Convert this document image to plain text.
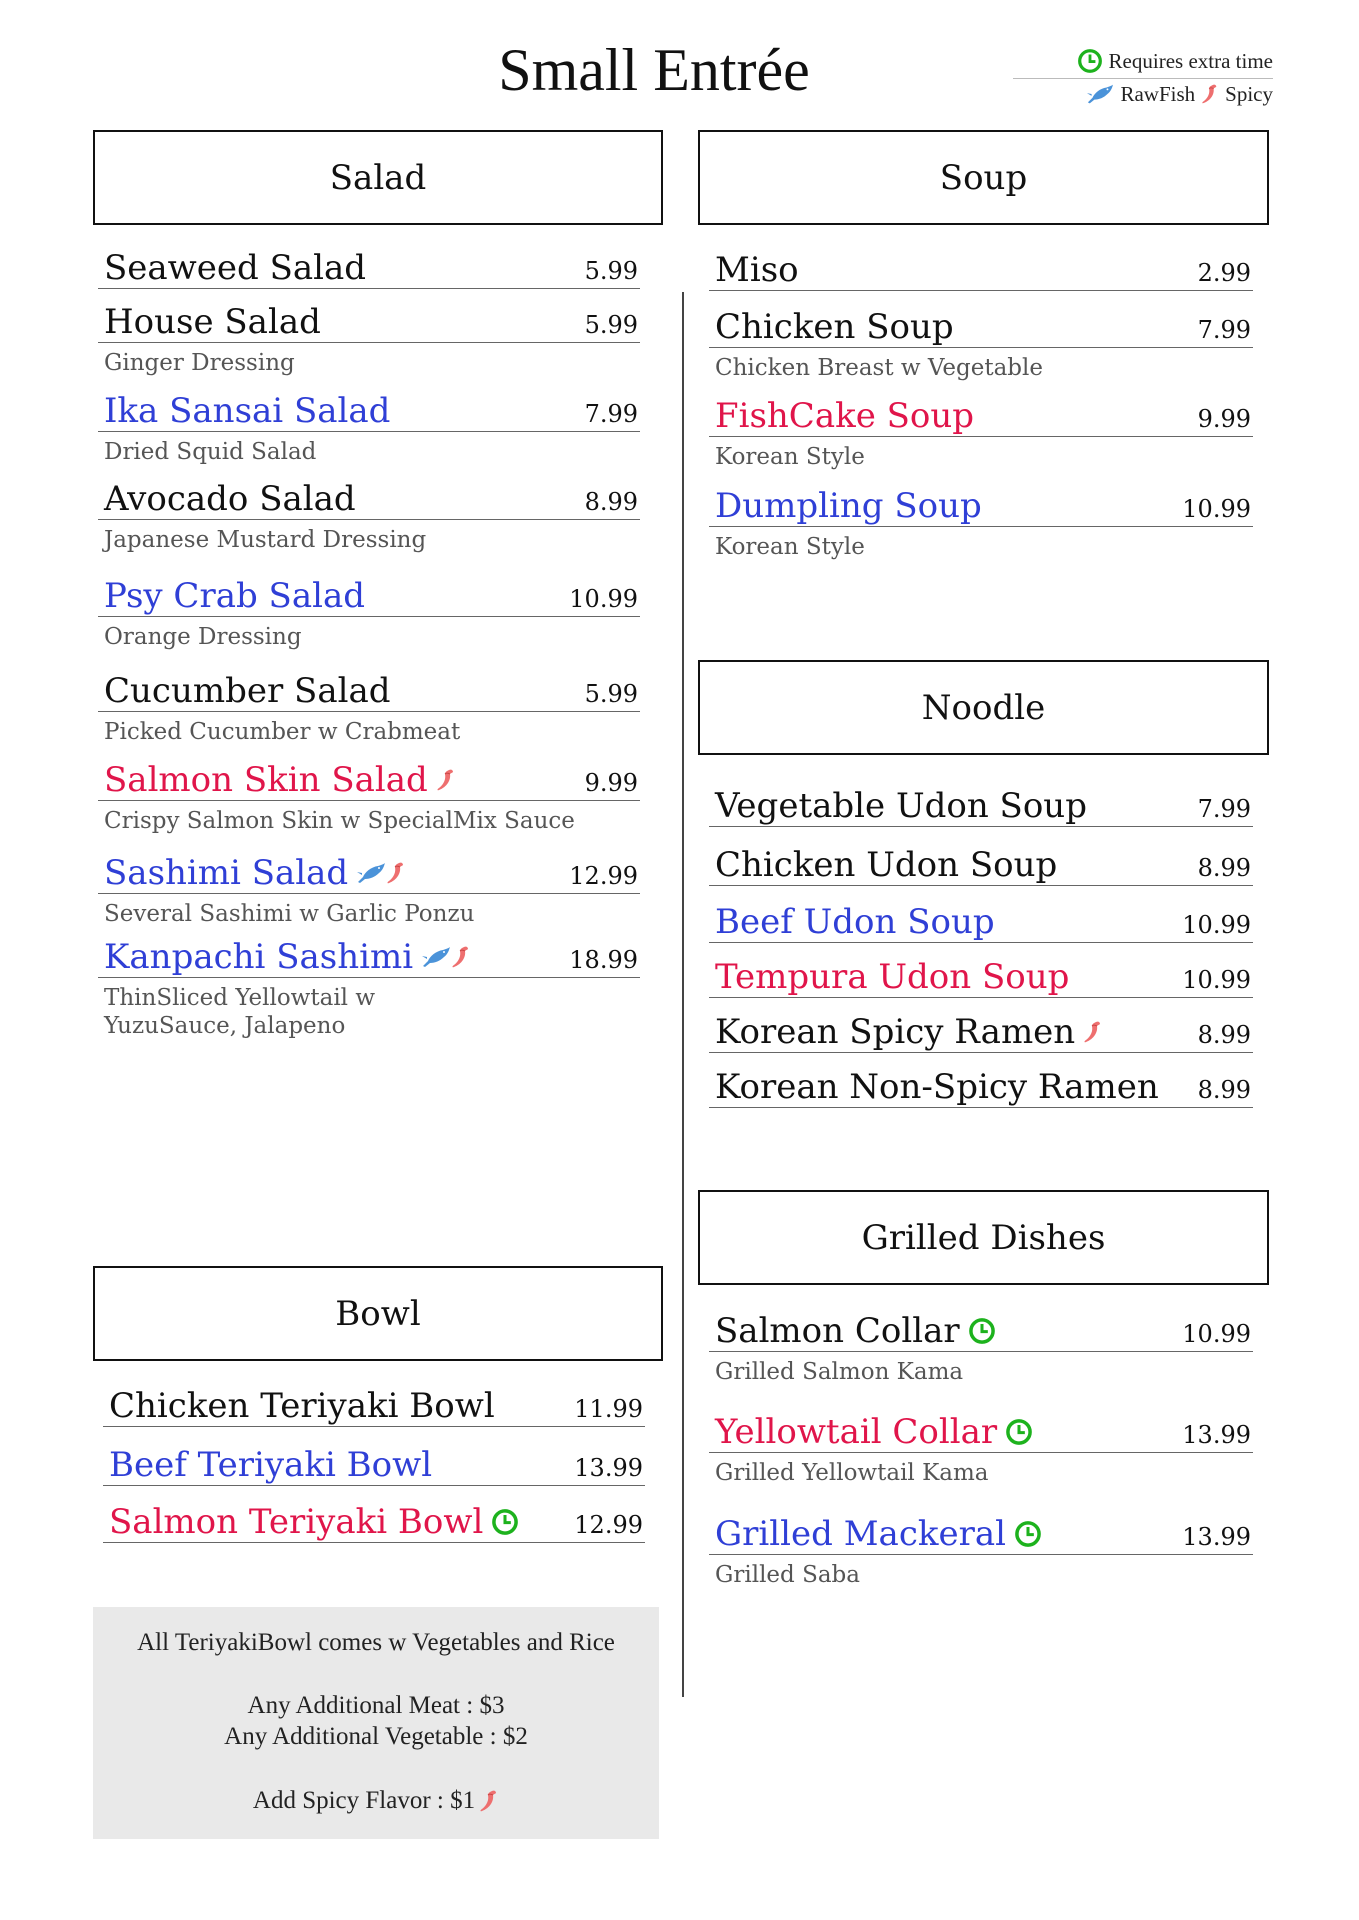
Small Entrée	Requires extra time
RawFish Spicy
Salad	Soup
Noodle
Bowl
Grilled Dishes
Seaweed Salad	5.99
House Salad	5.99
Ginger Dressing
Ika Sansai Salad	7.99
Dried Squid Salad
Avocado Salad	8.99
Japanese Mustard Dressing
Psy Crab Salad	10.99
Orange Dressing
Cucumber Salad	5.99
Picked Cucumber w Crabmeat
Salmon Skin Salad	9.99
Crispy Salmon Skin w SpecialMix Sauce
Sashimi Salad	12.99
Several Sashimi w Garlic Ponzu
Kanpachi Sashimi	18.99
ThinSliced Yellowtail w YuzuSauce, Jalapeno
Miso	2.99
Chicken Soup	7.99
Chicken Breast w Vegetable
FishCake Soup	9.99
Korean Style
Dumpling Soup	10.99
Korean Style
Vegetable Udon Soup	7.99
Chicken Udon Soup	8.99
Beef Udon Soup	10.99
Tempura Udon Soup	10.99
Korean Spicy Ramen	8.99
Korean Non-Spicy Ramen 8.99
Chicken Teriyaki Bowl	11.99
Beef Teriyaki Bowl	13.99
Salmon Teriyaki Bowl	12.99
Salmon Collar	10.99
Grilled Salmon Kama
Yellowtail Collar	13.99
Grilled Yellowtail Kama
Grilled Mackeral	13.99
Grilled Saba
All TeriyakiBowl comes w Vegetables and Rice
Any Additional Meat : $3
Any Additional Vegetable : $2
Add Spicy Flavor : $1
